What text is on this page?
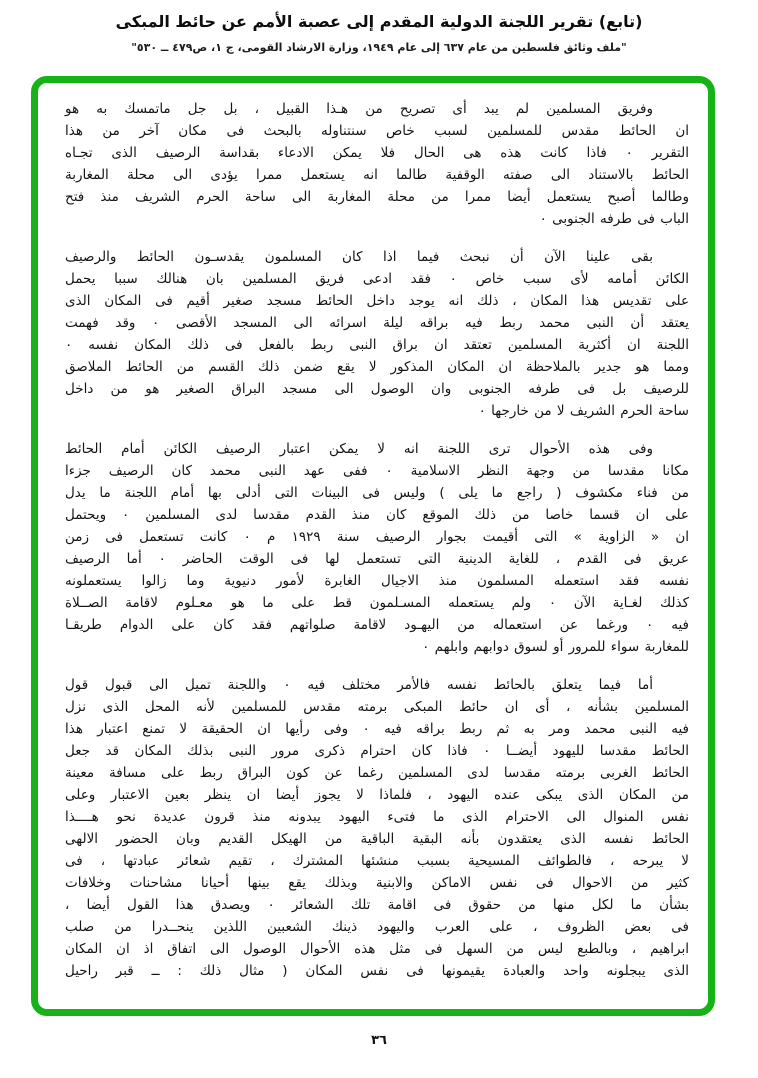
(تابع) تقرير اللجنة الدولية المقدم إلى عصبة الأمم عن حائط المبكى
"ملف وثائق فلسطين من عام ٦٣٧ إلى عام ١٩٤٩، وزارة الارشاد القومى، ج ١، ص٤٧٩ ــ ٥٣٠"
وفريق المسلمين لم يبد أى تصريح من هـذا القبيل ، بل جل ماتمسك به هو
ان الحائط مقدس للمسلمين لسبب خاص سنتناوله بالبحث فى مكان آخر من هذا
التقرير ٠ فاذا كانت هذه هى الحال فلا يمكن الادعاء بقداسة الرصيف الذى تجـاه
الحائط بالاستناد الى صفته الوقفية طالما انه يستعمل ممرا يؤدى الى محلة المغاربة
وطالما أصبح يستعمل أيضا ممرا من محلة المغاربة الى ساحة الحرم الشريف منذ فتح
الباب فى طرفه الجنوبى ٠
بقى علينا الآن أن نبحث فيما اذا كان المسلمون يقدسـون الحائط والرصيف
الكائن أمامه لأى سبب خاص ٠ فقد ادعى فريق المسلمين بان هنالك سببا يحمل
على تقديس هذا المكان ، ذلك انه يوجد داخل الحائط مسجد صغير أقيم فى المكان الذى
يعتقد أن النبى محمد ربط فيه براقه ليلة اسرائه الى المسجد الأقصى ٠ وقد فهمت
اللجنة ان أكثرية المسلمين تعتقد ان براق النبى ربط بالفعل فى ذلك المكان نفسه ٠
ومما هو جدير بالملاحظة ان المكان المذكور لا يقع ضمن ذلك القسم من الحائط الملاصق
للرصيف بل فى طرفه الجنوبى وان الوصول الى مسجد البراق الصغير هو من داخل
ساحة الحرم الشريف لا من خارجها ٠
وفى هذه الأحوال ترى اللجنة انه لا يمكن اعتبار الرصيف الكائن أمام الحائط
مكانا مقدسا من وجهة النظر الاسلامية ٠ ففى عهد النبى محمد كان الرصيف جزءا
من فناء مكشوف ( راجع ما يلى ) وليس فى البينات التى أدلى بها أمام اللجنة ما يدل
على ان قسما خاصا من ذلك الموقع كان منذ القدم مقدسا لدى المسلمين ٠ ويحتمل
ان « الزاوية » التى أقيمت بجوار الرصيف سنة ١٩٢٩ م ٠ كانت تستعمل فى زمن
عريق فى القدم ، للغاية الدينية التى تستعمل لها فى الوقت الحاضر ٠ أما الرصيف
نفسه فقد استعمله المسلمون منذ الاجيال الغابرة لأمور دنيوية وما زالوا يستعملونه
كذلك لغـاية الآن ٠ ولم يستعمله المسـلمون قط على ما هو معـلوم لاقامة الصــلاة
فيه ٠ ورغما عن استعماله من اليهـود لاقامة صلواتهم فقد كان على الدوام طريقـا
للمغاربة سواء للمرور أو لسوق دوابهم وابلهم ٠
أما فيما يتعلق بالحائط نفسه فالأمر مختلف فيه ٠ واللجنة تميل الى قبول قول
المسلمين بشأنه ، أى ان حائط المبكى برمته مقدس للمسلمين لأنه المحل الذى نزل
فيه النبى محمد ومر به ثم ربط براقه فيه ٠ وفى رأيها ان الحقيقة لا تمنع اعتبار هذا
الحائط مقدسا لليهود أيضــا ٠ فاذا كان احترام ذكرى مرور النبى بذلك المكان قد جعل
الحائط الغربى برمته مقدسا لدى المسلمين رغما عن كون البراق ربط على مسافة معينة
من المكان الذى يبكى عنده اليهود ، فلماذا لا يجوز أيضا ان ينظر بعين الاعتبار وعلى
نفس المنوال الى الاحترام الذى ما فتىء اليهود يبدونه منذ قرون عديدة نحو هــــذا
الحائط نفسه الذى يعتقدون بأنه البقية الباقية من الهيكل القديم وبان الحضور الالهى
لا يبرحه ، فالطوائف المسيحية بسبب منشئها المشترك ، تقيم شعائر عبادتها ، فى
كثير من الاحوال فى نفس الاماكن والابنية وبذلك يقع بينها أحيانا مشاحنات وخلافات
بشأن ما لكل منها من حقوق فى اقامة تلك الشعائر ٠ ويصدق هذا القول أيضا ،
فى بعض الظروف ، على العرب واليهود ذينك الشعبين اللذين ينحــدرا من صلب
ابراهيم ، وبالطبع ليس من السهل فى مثل هذه الأحوال الوصول الى اتفاق اذ ان المكان
الذى يبجلونه واحد والعبادة يقيمونها فى نفس المكان ( مثال ذلك : ــ قبر راحيل
٣٦
